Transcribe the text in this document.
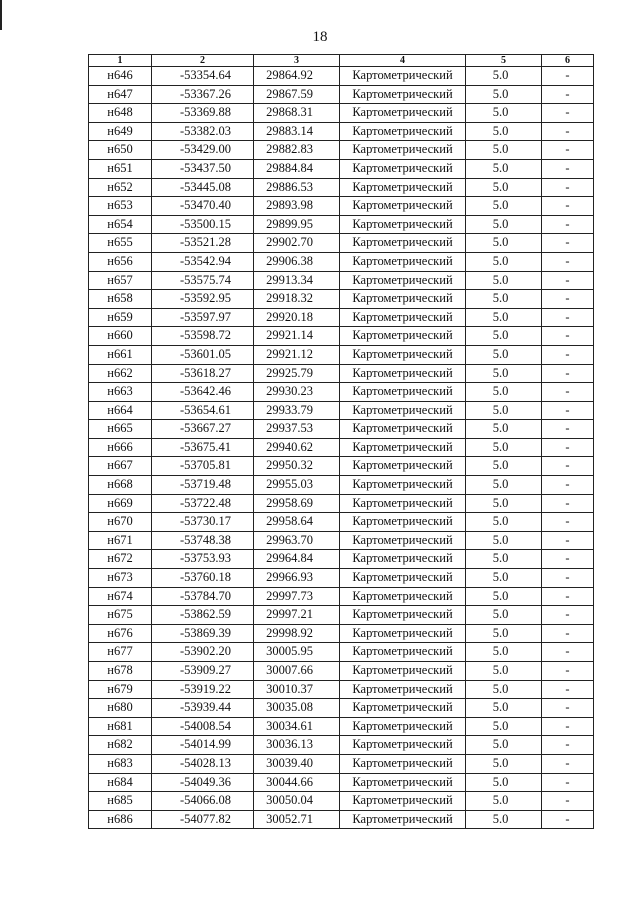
18
1	2	3	4	5	6
н646	-53354.64	29864.92	Картометрический	5.0	-
н647	-53367.26	29867.59	Картометрический	5.0	-
н648	-53369.88	29868.31	Картометрический	5.0	-
н649	-53382.03	29883.14	Картометрический	5.0	-
н650	-53429.00	29882.83	Картометрический	5.0	-
н651	-53437.50	29884.84	Картометрический	5.0	-
н652	-53445.08	29886.53	Картометрический	5.0	-
н653	-53470.40	29893.98	Картометрический	5.0	-
н654	-53500.15	29899.95	Картометрический	5.0	-
н655	-53521.28	29902.70	Картометрический	5.0	-
н656	-53542.94	29906.38	Картометрический	5.0	-
н657	-53575.74	29913.34	Картометрический	5.0	-
н658	-53592.95	29918.32	Картометрический	5.0	-
н659	-53597.97	29920.18	Картометрический	5.0	-
н660	-53598.72	29921.14	Картометрический	5.0	-
н661	-53601.05	29921.12	Картометрический	5.0	-
н662	-53618.27	29925.79	Картометрический	5.0	-
н663	-53642.46	29930.23	Картометрический	5.0	-
н664	-53654.61	29933.79	Картометрический	5.0	-
н665	-53667.27	29937.53	Картометрический	5.0	-
н666	-53675.41	29940.62	Картометрический	5.0	-
н667	-53705.81	29950.32	Картометрический	5.0	-
н668	-53719.48	29955.03	Картометрический	5.0	-
н669	-53722.48	29958.69	Картометрический	5.0	-
н670	-53730.17	29958.64	Картометрический	5.0	-
н671	-53748.38	29963.70	Картометрический	5.0	-
н672	-53753.93	29964.84	Картометрический	5.0	-
н673	-53760.18	29966.93	Картометрический	5.0	-
н674	-53784.70	29997.73	Картометрический	5.0	-
н675	-53862.59	29997.21	Картометрический	5.0	-
н676	-53869.39	29998.92	Картометрический	5.0	-
н677	-53902.20	30005.95	Картометрический	5.0	-
н678	-53909.27	30007.66	Картометрический	5.0	-
н679	-53919.22	30010.37	Картометрический	5.0	-
н680	-53939.44	30035.08	Картометрический	5.0	-
н681	-54008.54	30034.61	Картометрический	5.0	-
н682	-54014.99	30036.13	Картометрический	5.0	-
н683	-54028.13	30039.40	Картометрический	5.0	-
н684	-54049.36	30044.66	Картометрический	5.0	-
н685	-54066.08	30050.04	Картометрический	5.0	-
н686	-54077.82	30052.71	Картометрический	5.0	-
